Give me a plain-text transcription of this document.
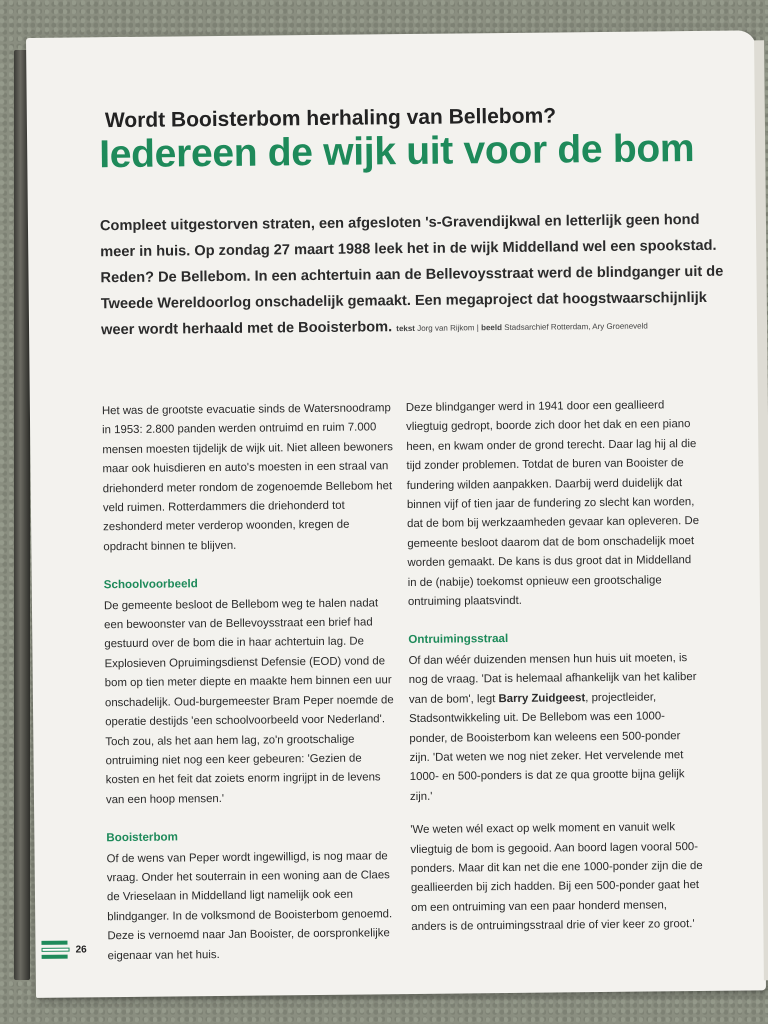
Wordt Booisterbom herhaling van Bellebom?
Iedereen de wijk uit voor de bom

Compleet uitgestorven straten, een afgesloten 's-Gravendijkwal en letterlijk geen hond meer in huis. Op zondag 27 maart 1988 leek het in de wijk Middelland wel een spookstad. Reden? De Bellebom. In een achtertuin aan de Bellevoysstraat werd de blindganger uit de Tweede Wereldoorlog onschadelijk gemaakt. Een megaproject dat hoogstwaarschijnlijk weer wordt herhaald met de Booisterbom. tekst Jorg van Rijkom | beeld Stadsarchief Rotterdam, Ary Groeneveld

Het was de grootste evacuatie sinds de Watersnoodramp in 1953: 2.800 panden werden ontruimd en ruim 7.000 mensen moesten tijdelijk de wijk uit. Niet alleen bewoners maar ook huisdieren en auto's moesten in een straal van driehonderd meter rondom de zogenoemde Bellebom het veld ruimen. Rotterdammers die driehonderd tot zeshonderd meter verderop woonden, kregen de opdracht binnen te blijven.

Schoolvoorbeeld

De gemeente besloot de Bellebom weg te halen nadat een bewoonster van de Bellevoysstraat een brief had gestuurd over de bom die in haar achtertuin lag. De Explosieven Opruimingsdienst Defensie (EOD) vond de bom op tien meter diepte en maakte hem binnen een uur onschadelijk. Oud-burgemeester Bram Peper noemde de operatie destijds 'een schoolvoorbeeld voor Nederland'. Toch zou, als het aan hem lag, zo'n grootschalige ontruiming niet nog een keer gebeuren: 'Gezien de kosten en het feit dat zoiets enorm ingrijpt in de levens van een hoop mensen.'

Booisterbom

Of de wens van Peper wordt ingewilligd, is nog maar de vraag. Onder het souterrain in een woning aan de Claes de Vrieselaan in Middelland ligt namelijk ook een blindganger. In de volksmond de Booisterbom genoemd. Deze is vernoemd naar Jan Booister, de oorspronkelijke eigenaar van het huis.

Deze blindganger werd in 1941 door een geallieerd vliegtuig gedropt, boorde zich door het dak en een piano heen, en kwam onder de grond terecht. Daar lag hij al die tijd zonder problemen. Totdat de buren van Booister de fundering wilden aanpakken. Daarbij werd duidelijk dat binnen vijf of tien jaar de fundering zo slecht kan worden, dat de bom bij werkzaamheden gevaar kan opleveren. De gemeente besloot daarom dat de bom onschadelijk moet worden gemaakt. De kans is dus groot dat in Middelland in de (nabije) toekomst opnieuw een grootschalige ontruiming plaatsvindt.

Ontruimingsstraal

Of dan wéér duizenden mensen hun huis uit moeten, is nog de vraag. 'Dat is helemaal afhankelijk van het kaliber van de bom', legt Barry Zuidgeest, projectleider, Stadsontwikkeling uit. De Bellebom was een 1000-ponder, de Booisterbom kan weleens een 500-ponder zijn. 'Dat weten we nog niet zeker. Het vervelende met 1000- en 500-ponders is dat ze qua grootte bijna gelijk zijn.'

'We weten wél exact op welk moment en vanuit welk vliegtuig de bom is gegooid. Aan boord lagen vooral 500-ponders. Maar dit kan net die ene 1000-ponder zijn die de geallieerden bij zich hadden. Bij een 500-ponder gaat het om een ontruiming van een paar honderd mensen, anders is de ontruimingsstraal drie of vier keer zo groot.'

26
